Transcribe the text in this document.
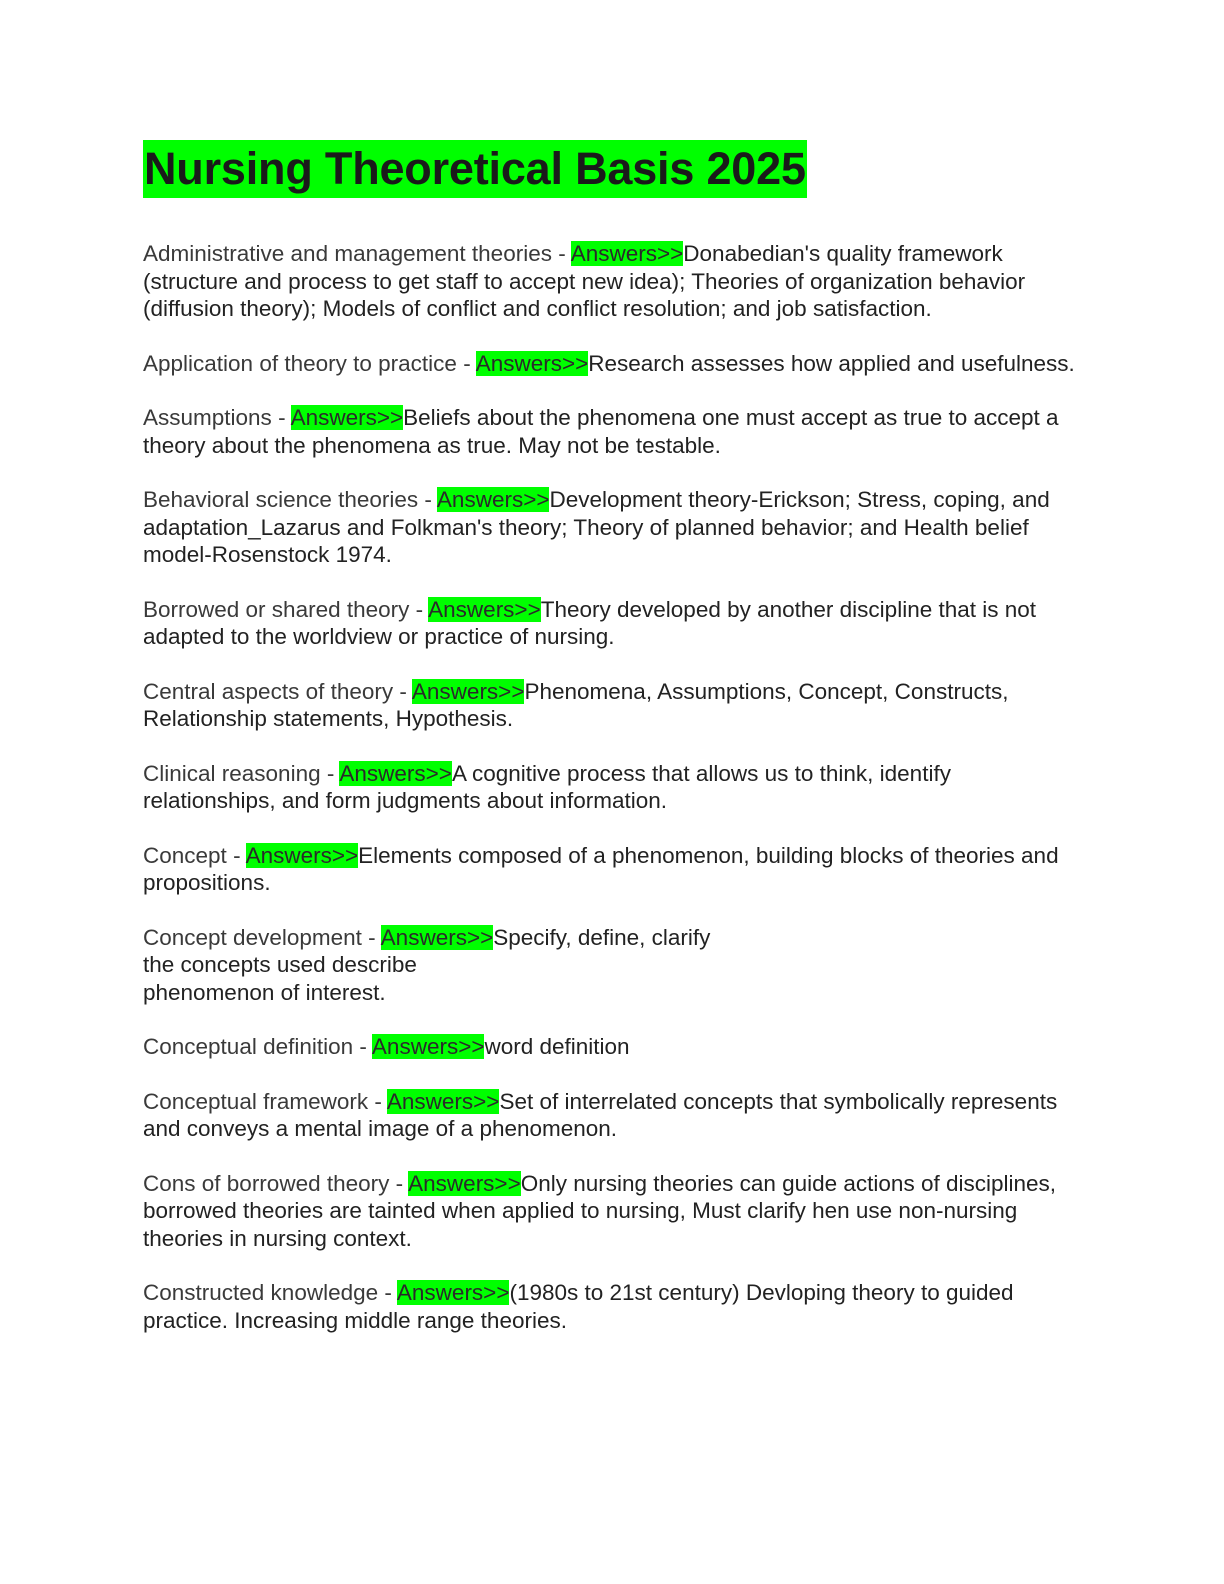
Nursing Theoretical Basis 2025
Administrative and management theories - Answers>>Donabedian's quality framework (structure and process to get staff to accept new idea); Theories of organization behavior (diffusion theory); Models of conflict and conflict resolution; and job satisfaction.
Application of theory to practice - Answers>>Research assesses how applied and usefulness.
Assumptions - Answers>>Beliefs about the phenomena one must accept as true to accept a theory about the phenomena as true. May not be testable.
Behavioral science theories - Answers>>Development theory-Erickson; Stress, coping, and adaptation_Lazarus and Folkman's theory; Theory of planned behavior; and Health belief model-Rosenstock 1974.
Borrowed or shared theory - Answers>>Theory developed by another discipline that is not adapted to the worldview or practice of nursing.
Central aspects of theory - Answers>>Phenomena, Assumptions, Concept, Constructs, Relationship statements, Hypothesis.
Clinical reasoning - Answers>>A cognitive process that allows us to think, identify relationships, and form judgments about information.
Concept - Answers>>Elements composed of a phenomenon, building blocks of theories and propositions.
Concept development - Answers>>Specify, define, clarify
the concepts used describe
phenomenon of interest.
Conceptual definition - Answers>>word definition
Conceptual framework - Answers>>Set of interrelated concepts that symbolically represents and conveys a mental image of a phenomenon.
Cons of borrowed theory - Answers>>Only nursing theories can guide actions of disciplines, borrowed theories are tainted when applied to nursing, Must clarify hen use non-nursing theories in nursing context.
Constructed knowledge - Answers>>(1980s to 21st century) Devloping theory to guided practice. Increasing middle range theories.
